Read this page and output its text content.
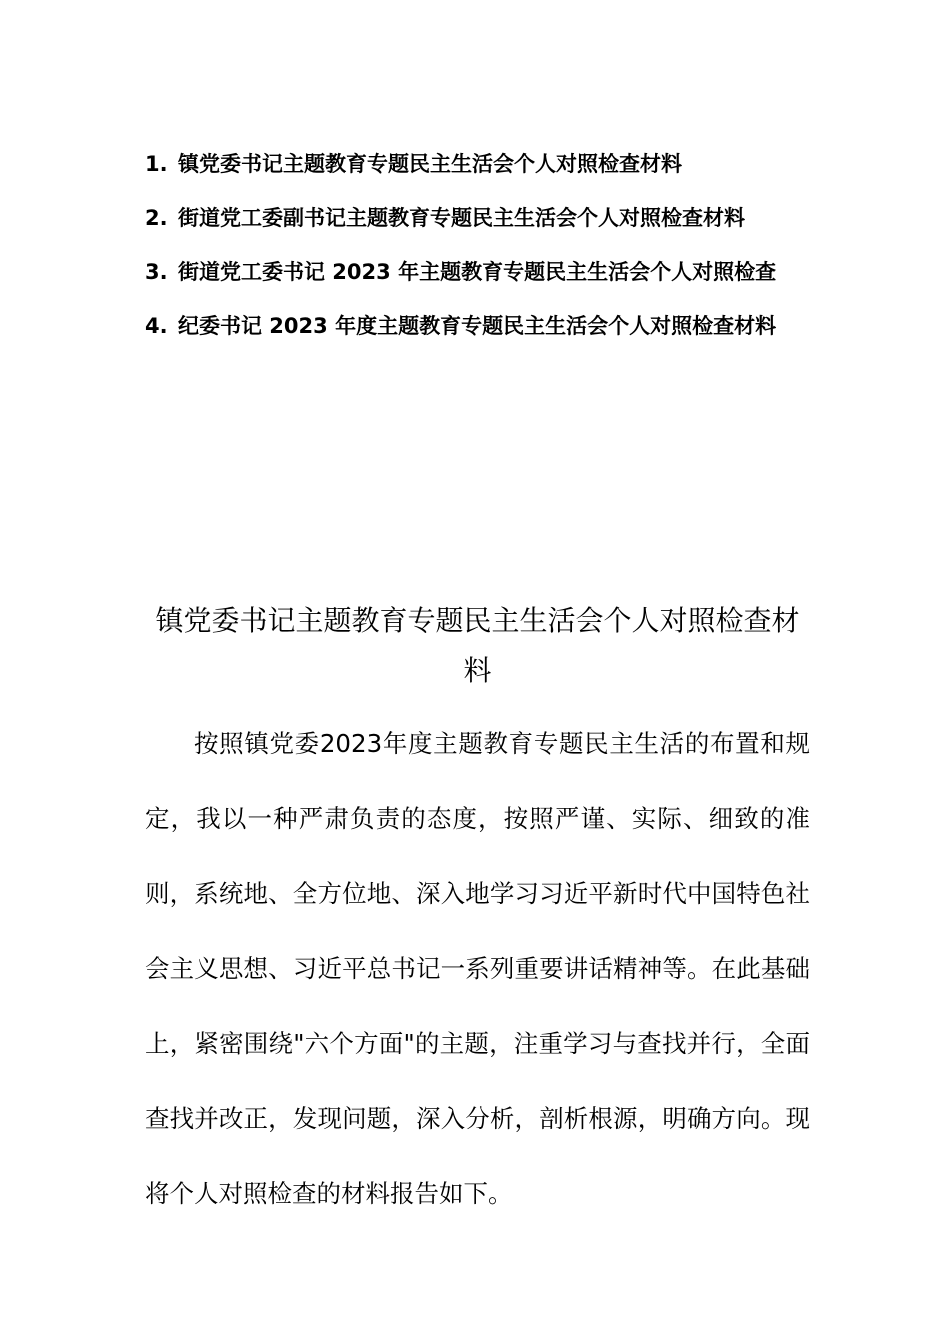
1. 镇党委书记主题教育专题民主生活会个人对照检查材料
2. 街道党工委副书记主题教育专题民主生活会个人对照检查材料
3. 街道党工委书记 2023 年主题教育专题民主生活会个人对照检查
4. 纪委书记 2023 年度主题教育专题民主生活会个人对照检查材料
镇党委书记主题教育专题民主生活会个人对照检查材料

按照镇党委2023年度主题教育专题民主生活的布置和规定，我以一种严肃负责的态度，按照严谨、实际、细致的准则，系统地、全方位地、深入地学习习近平新时代中国特色社会主义思想、习近平总书记一系列重要讲话精神等。在此基础上，紧密围绕"六个方面"的主题，注重学习与查找并行，全面查找并改正，发现问题，深入分析，剖析根源，明确方向。现将个人对照检查的材料报告如下。
